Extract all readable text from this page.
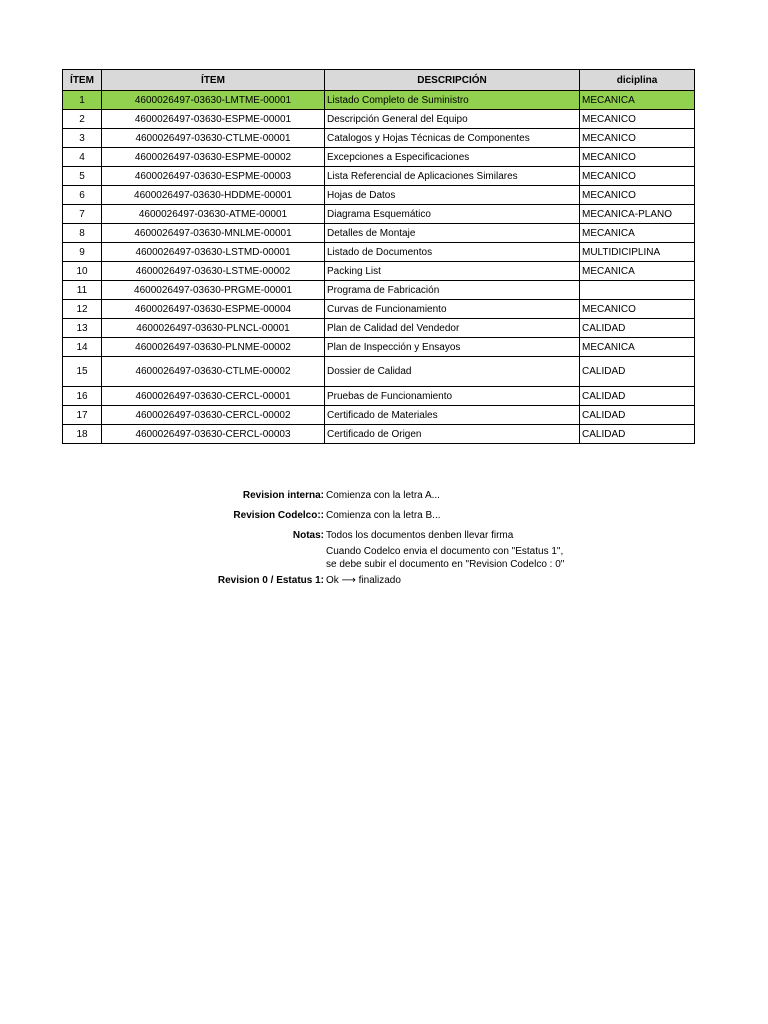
ÍTEM	ÍTEM	DESCRIPCIÓN	diciplina
1	4600026497-03630-LMTME-00001	Listado Completo de Suministro	MECANICA
2	4600026497-03630-ESPME-00001	Descripción General del Equipo	MECANICO
3	4600026497-03630-CTLME-00001	Catalogos y Hojas Técnicas de Componentes	MECANICO
4	4600026497-03630-ESPME-00002	Excepciones a Especificaciones	MECANICO
5	4600026497-03630-ESPME-00003	Lista Referencial de Aplicaciones Similares	MECANICO
6	4600026497-03630-HDDME-00001	Hojas de Datos	MECANICO
7	4600026497-03630-ATME-00001	Diagrama Esquemático	MECANICA-PLANO
8	4600026497-03630-MNLME-00001	Detalles de Montaje	MECANICA
9	4600026497-03630-LSTMD-00001	Listado de Documentos	MULTIDICIPLINA
10	4600026497-03630-LSTME-00002	Packing List	MECANICA
11	4600026497-03630-PRGME-00001	Programa de Fabricación	
12	4600026497-03630-ESPME-00004	Curvas de Funcionamiento	MECANICO
13	4600026497-03630-PLNCL-00001	Plan de Calidad del Vendedor	CALIDAD
14	4600026497-03630-PLNME-00002	Plan de Inspección y Ensayos	MECANICA
15	4600026497-03630-CTLME-00002	Dossier de Calidad	CALIDAD
16	4600026497-03630-CERCL-00001	Pruebas de Funcionamiento	CALIDAD
17	4600026497-03630-CERCL-00002	Certificado de Materiales	CALIDAD
18	4600026497-03630-CERCL-00003	Certificado de Origen	CALIDAD
Revision interna: Comienza con la letra A...
Revision Codelco:: Comienza con la letra B...
Notas: Todos los documentos denben llevar firma
Cuando Codelco envia el documento con "Estatus 1",
se debe subir el documento en "Revision Codelco : 0"
Revision 0 / Estatus 1: Ok ⟶ finalizado
